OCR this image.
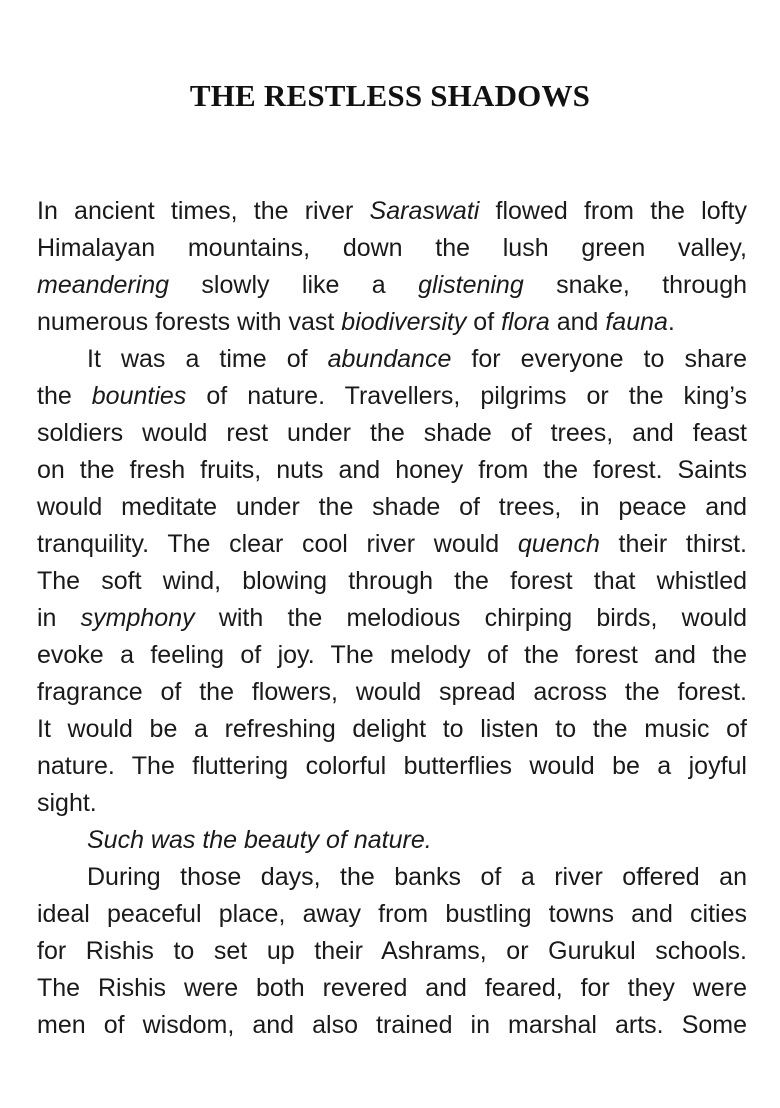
THE RESTLESS SHADOWS
In ancient times, the river Saraswati flowed from the lofty
Himalayan mountains, down the lush green valley,
meandering slowly like a glistening snake, through
numerous forests with vast biodiversity of flora and fauna.
It was a time of abundance for everyone to share
the bounties of nature. Travellers, pilgrims or the king’s
soldiers would rest under the shade of trees, and feast
on the fresh fruits, nuts and honey from the forest. Saints
would meditate under the shade of trees, in peace and
tranquility. The clear cool river would quench their thirst.
The soft wind, blowing through the forest that whistled
in symphony with the melodious chirping birds, would
evoke a feeling of joy. The melody of the forest and the
fragrance of the flowers, would spread across the forest.
It would be a refreshing delight to listen to the music of
nature. The fluttering colorful butterflies would be a joyful
sight.
Such was the beauty of nature.
During those days, the banks of a river offered an
ideal peaceful place, away from bustling towns and cities
for Rishis to set up their Ashrams, or Gurukul schools.
The Rishis were both revered and feared, for they were
men of wisdom, and also trained in marshal arts. Some
